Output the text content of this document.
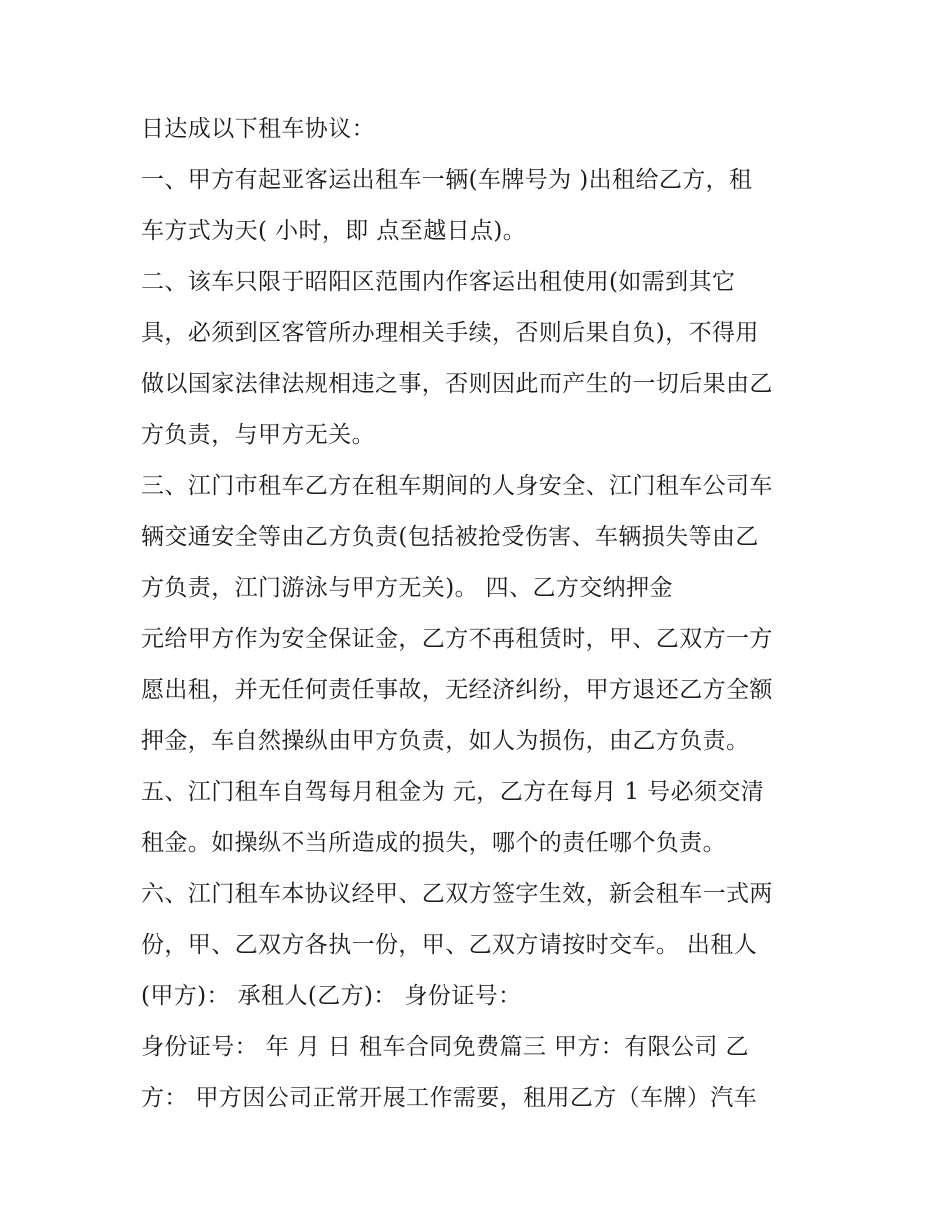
日达成以下租车协议：
一、甲方有起亚客运出租车一辆(车牌号为 )出租给乙方，租
车方式为天( 小时，即 点至越日点)。
二、该车只限于昭阳区范围内作客运出租使用(如需到其它
具，必须到区客管所办理相关手续，否则后果自负)，不得用
做以国家法律法规相违之事，否则因此而产生的一切后果由乙
方负责，与甲方无关。
三、江门市租车乙方在租车期间的人身安全、江门租车公司车
辆交通安全等由乙方负责(包括被抢受伤害、车辆损失等由乙
方负责，江门游泳与甲方无关)。 四、乙方交纳押金
元给甲方作为安全保证金，乙方不再租赁时，甲、乙双方一方
愿出租，并无任何责任事故，无经济纠纷，甲方退还乙方全额
押金，车自然操纵由甲方负责，如人为损伤，由乙方负责。
五、江门租车自驾每月租金为 元，乙方在每月 1 号必须交清
租金。如操纵不当所造成的损失，哪个的责任哪个负责。
六、江门租车本协议经甲、乙双方签字生效，新会租车一式两
份，甲、乙双方各执一份，甲、乙双方请按时交车。 出租人
(甲方)： 承租人(乙方)： 身份证号：
身份证号： 年 月 日 租车合同免费篇三 甲方：有限公司 乙
方： 甲方因公司正常开展工作需要，租用乙方（车牌）汽车
